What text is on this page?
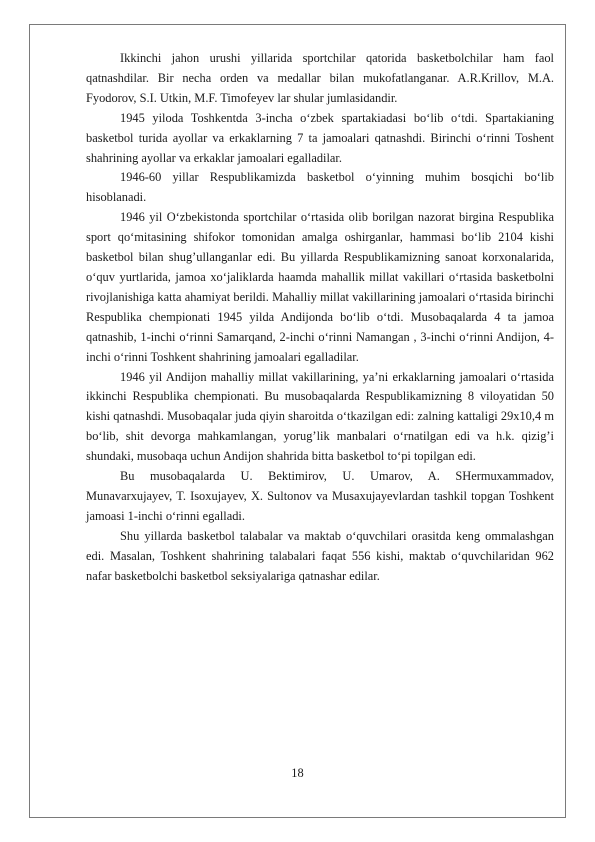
Ikkinchi jahon urushi yillarida sportchilar qatorida basketbolchilar ham faol qatnashdilar. Bir necha orden va medallar bilan mukofatlanganar. A.R.Krillov, M.A. Fyodorov, S.I. Utkin, M.F. Timofeyev lar shular jumlasidandir.

1945 yiloda Toshkentda 3-incha o‘zbek spartakiadasi bo‘lib o‘tdi. Spartakianing basketbol turida ayollar va erkaklarning 7 ta jamoalari qatnashdi. Birinchi o‘rinni Toshent shahrining ayollar va erkaklar jamoalari egalladilar.

1946-60 yillar Respublikamizda basketbol o‘yinning muhim bosqichi bo‘lib hisoblanadi.

1946 yil O‘zbekistonda sportchilar o‘rtasida olib borilgan nazorat birgina Respublika sport qo‘mitasining shifokor tomonidan amalga oshirganlar, hammasi bo‘lib 2104 kishi basketbol bilan shug’ullanganlar edi. Bu yillarda Respublikamizning sanoat korxonalarida, o‘quv yurtlarida, jamoa xo‘jaliklarda haamda mahallik millat vakillari o‘rtasida basketbolni rivojlanishiga katta ahamiyat berildi. Mahalliy millat vakillarining jamoalari o‘rtasida birinchi Respublika chempionati 1945 yilda Andijonda bo‘lib o‘tdi. Musobaqalarda 4 ta jamoa qatnashib, 1-inchi o‘rinni Samarqand, 2-inchi o‘rinni Namangan , 3-inchi o‘rinni Andijon, 4-inchi o‘rinni Toshkent shahrining jamoalari egalladilar.

1946 yil Andijon mahalliy millat vakillarining, ya’ni erkaklarning jamoalari o‘rtasida ikkinchi Respublika chempionati. Bu musobaqalarda Respublikamizning 8 viloyatidan 50 kishi qatnashdi. Musobaqalar juda qiyin sharoitda o‘tkazilgan edi: zalning kattaligi 29x10,4 m bo‘lib, shit devorga mahkamlangan, yorug’lik manbalari o‘rnatilgan edi va h.k. qizig’i shundaki, musobaqa uchun Andijon shahrida bitta basketbol to‘pi topilgan edi.

Bu musobaqalarda U. Bektimirov, U. Umarov, A. SHermuxammadov, Munavarxujayev, T. Isoxujayev, X. Sultonov va Musaxujayevlardan tashkil topgan Toshkent jamoasi 1-inchi o‘rinni egalladi.

Shu yillarda basketbol talabalar va maktab o‘quvchilari orasitda keng ommalashgan edi. Masalan, Toshkent shahrining talabalari faqat 556 kishi, maktab o‘quvchilaridan 962 nafar basketbolchi basketbol seksiyalariga qatnashar edilar.

18
